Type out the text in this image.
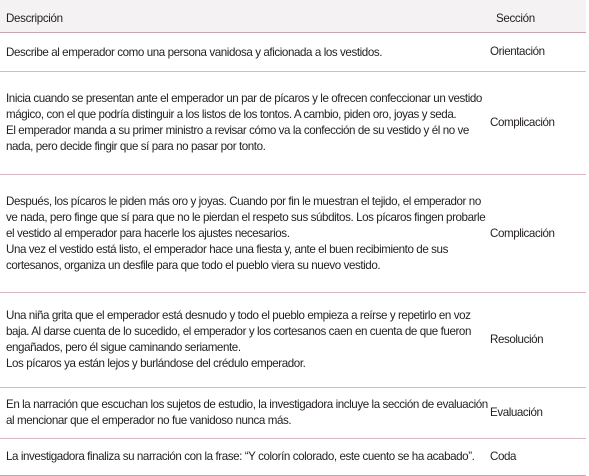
Descripción	Sección

Describe al emperador como una persona vanidosa y aficionada a los vestidos.	Orientación

Inicia cuando se presentan ante el emperador un par de pícaros y le ofrecen confeccionar un vestido

mágico, con el que podría distinguir a los listos de los tontos. A cambio, piden oro, joyas y seda.

El emperador manda a su primer ministro a revisar cómo va la confección de su vestido y él no ve

nada, pero decide fingir que sí para no pasar por tonto.	Complicación

Después, los pícaros le piden más oro y joyas. Cuando por fin le muestran el tejido, el emperador no

ve nada, pero finge que sí para que no le pierdan el respeto sus súbditos. Los pícaros fingen probarle

el vestido al emperador para hacerle los ajustes necesarios.

Una vez el vestido está listo, el emperador hace una fiesta y, ante el buen recibimiento de sus

cortesanos, organiza un desfile para que todo el pueblo viera su nuevo vestido.	Complicación

Una niña grita que el emperador está desnudo y todo el pueblo empieza a reírse y repetirlo en voz

baja. Al darse cuenta de lo sucedido, el emperador y los cortesanos caen en cuenta de que fueron

engañados, pero él sigue caminando seriamente.

Los pícaros ya están lejos y burlándose del crédulo emperador.	Resolución

En la narración que escuchan los sujetos de estudio, la investigadora incluye la sección de evaluación

al mencionar que el emperador no fue vanidoso nunca más.	Evaluación

La investigadora finaliza su narración con la frase: “Y colorín colorado, este cuento se ha acabado”.	Coda
